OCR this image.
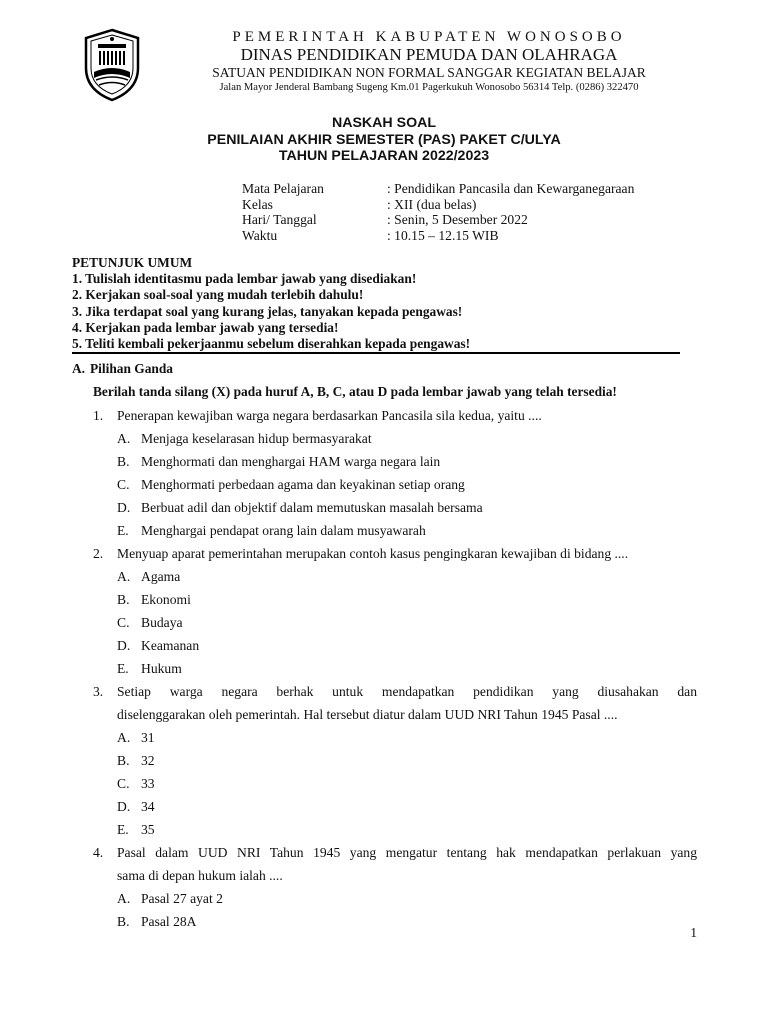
PEMERINTAH KABUPATEN WONOSOBO
DINAS PENDIDIKAN PEMUDA DAN OLAHRAGA
SATUAN PENDIDIKAN NON FORMAL SANGGAR KEGIATAN BELAJAR
Jalan Mayor Jenderal Bambang Sugeng Km.01 Pagerkukuh Wonosobo 56314 Telp. (0286) 322470
NASKAH SOAL
PENILAIAN AKHIR SEMESTER (PAS) PAKET C/ULYA
TAHUN PELAJARAN 2022/2023
Mata Pelajaran	: Pendidikan Pancasila dan Kewarganegaraan
Kelas	: XII (dua belas)
Hari/ Tanggal	: Senin, 5 Desember 2022
Waktu	: 10.15 – 12.15 WIB
PETUNJUK UMUM
1. Tulislah identitasmu pada lembar jawab yang disediakan!
2. Kerjakan soal-soal yang mudah terlebih dahulu!
3. Jika terdapat soal yang kurang jelas, tanyakan kepada pengawas!
4. Kerjakan pada lembar jawab yang tersedia!
5. Teliti kembali pekerjaanmu sebelum diserahkan kepada pengawas!
A. Pilihan Ganda
Berilah tanda silang (X) pada huruf A, B, C, atau D pada lembar jawab yang telah tersedia!
1. Penerapan kewajiban warga negara berdasarkan Pancasila sila kedua, yaitu ....
A. Menjaga keselarasan hidup bermasyarakat
B. Menghormati dan menghargai HAM warga negara lain
C. Menghormati perbedaan agama dan keyakinan setiap orang
D. Berbuat adil dan objektif dalam memutuskan masalah bersama
E. Menghargai pendapat orang lain dalam musyawarah
2. Menyuap aparat pemerintahan merupakan contoh kasus pengingkaran kewajiban di bidang ....
A. Agama
B. Ekonomi
C. Budaya
D. Keamanan
E. Hukum
3. Setiap warga negara berhak untuk mendapatkan pendidikan yang diusahakan dan
diselenggarakan oleh pemerintah. Hal tersebut diatur dalam UUD NRI Tahun 1945 Pasal ....
A. 31
B. 32
C. 33
D. 34
E. 35
4. Pasal dalam UUD NRI Tahun 1945 yang mengatur tentang hak mendapatkan perlakuan yang
sama di depan hukum ialah ....
A. Pasal 27 ayat 2
B. Pasal 28A
1
